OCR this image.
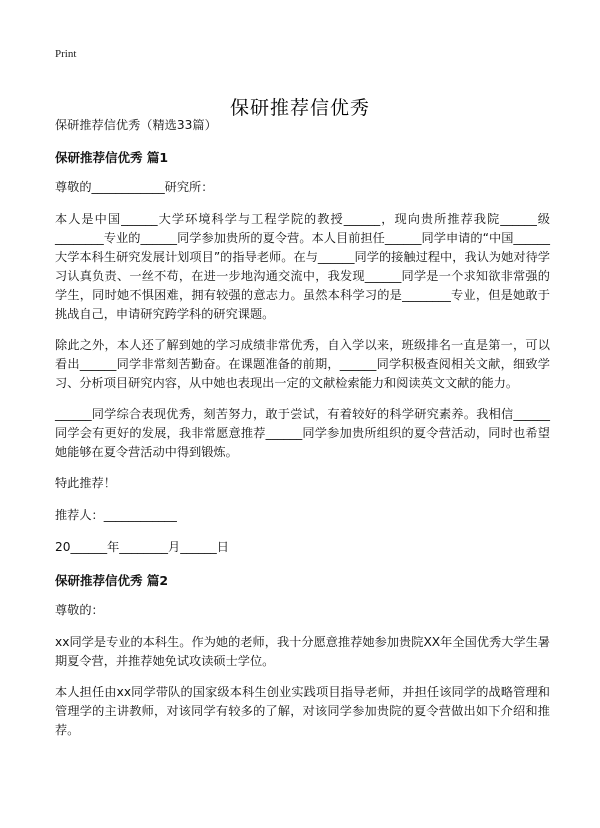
Print
保研推荐信优秀

保研推荐信优秀（精选33篇）

保研推荐信优秀 篇1

尊敬的____________研究所：

本人是中国______大学环境科学与工程学院的教授______，现向贵所推荐我院______级________专业的______同学参加贵所的夏令营。本人目前担任______同学申请的“中国______大学本科生研究发展计划项目”的指导老师。在与______同学的接触过程中，我认为她对待学习认真负责、一丝不苟，在进一步地沟通交流中，我发现______同学是一个求知欲非常强的学生，同时她不惧困难，拥有较强的意志力。虽然本科学习的是________专业，但是她敢于挑战自己，申请研究跨学科的研究课题。

除此之外，本人还了解到她的学习成绩非常优秀，自入学以来，班级排名一直是第一，可以看出______同学非常刻苦勤奋。在课题准备的前期，______同学积极查阅相关文献，细致学习、分析项目研究内容，从中她也表现出一定的文献检索能力和阅读英文文献的能力。

______同学综合表现优秀，刻苦努力，敢于尝试，有着较好的科学研究素养。我相信______同学会有更好的发展，我非常愿意推荐______同学参加贵所组织的夏令营活动，同时也希望她能够在夏令营活动中得到锻炼。

特此推荐！

推荐人：____________

20______年________月______日

保研推荐信优秀 篇2

尊敬的：

xx同学是专业的本科生。作为她的老师，我十分愿意推荐她参加贵院XX年全国优秀大学生暑期夏令营，并推荐她免试攻读硕士学位。

本人担任由xx同学带队的国家级本科生创业实践项目指导老师，并担任该同学的战略管理和管理学的主讲教师，对该同学有较多的了解，对该同学参加贵院的夏令营做出如下介绍和推荐。
